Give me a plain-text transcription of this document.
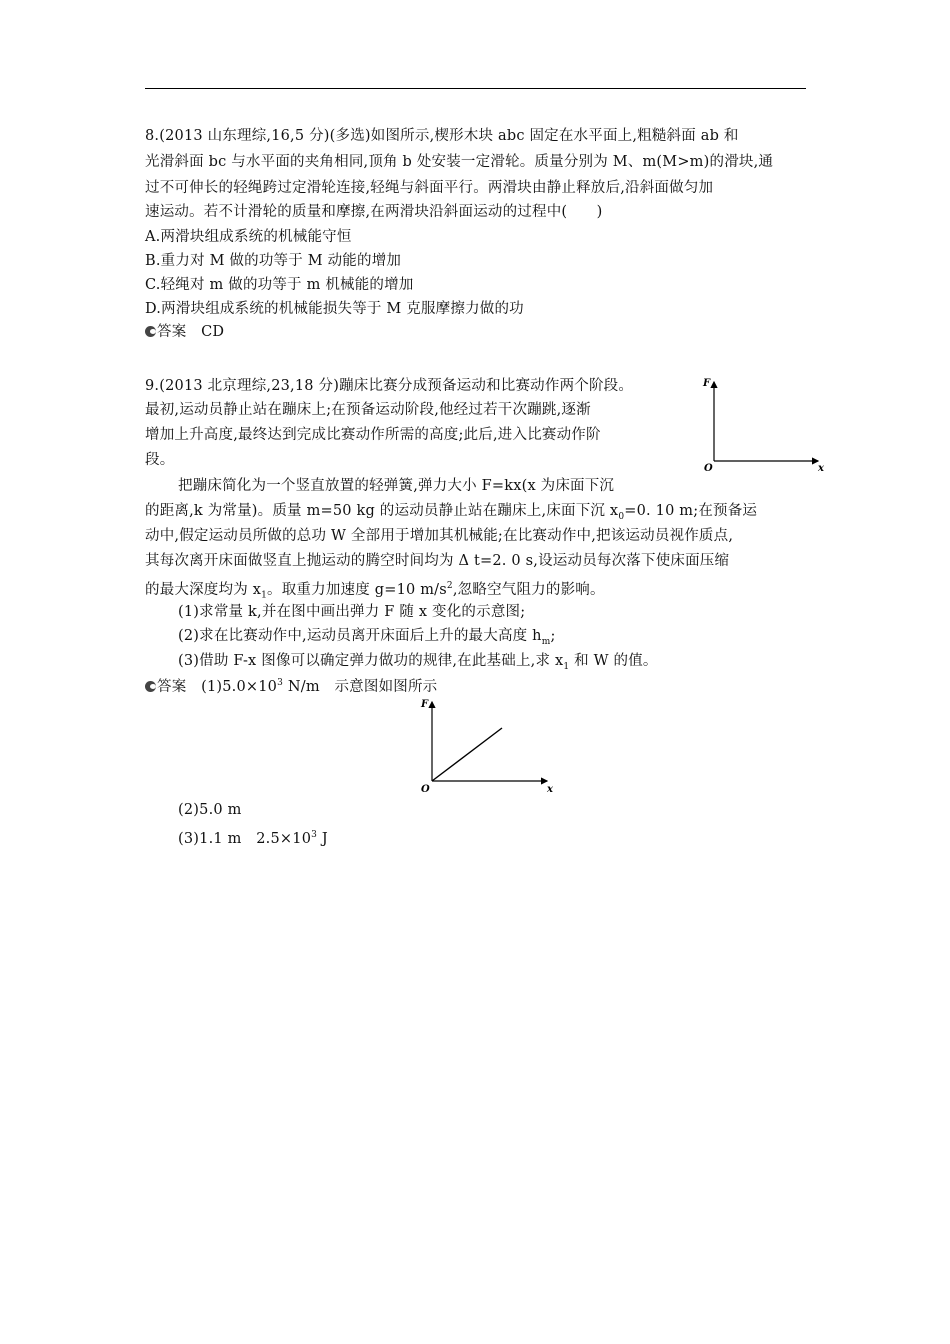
8.(2013 山东理综,16,5 分)(多选)如图所示,楔形木块 abc 固定在水平面上,粗糙斜面 ab 和
光滑斜面 bc 与水平面的夹角相同,顶角 b 处安装一定滑轮。质量分别为 M、m(M>m)的滑块,通
过不可伸长的轻绳跨过定滑轮连接,轻绳与斜面平行。两滑块由静止释放后,沿斜面做匀加
速运动。若不计滑轮的质量和摩擦,在两滑块沿斜面运动的过程中(　　)
A.两滑块组成系统的机械能守恒
B.重力对 M 做的功等于 M 动能的增加
C.轻绳对 m 做的功等于 m 机械能的增加
D.两滑块组成系统的机械能损失等于 M 克服摩擦力做的功
答案　 CD
9.(2013 北京理综,23,18 分)蹦床比赛分成预备运动和比赛动作两个阶段。
最初,运动员静止站在蹦床上;在预备运动阶段,他经过若干次蹦跳,逐渐
增加上升高度,最终达到完成比赛动作所需的高度;此后,进入比赛动作阶
段。
F
x
O
把蹦床简化为一个竖直放置的轻弹簧,弹力大小 F=kx(x 为床面下沉
的距离,k 为常量)。质量 m=50 kg 的运动员静止站在蹦床上,床面下沉 $x_0=0$. 10 m;在预备运
动中,假定运动员所做的总功 W 全部用于增加其机械能;在比赛动作中,把该运动员视作质点,
其每次离开床面做竖直上抛运动的腾空时间均为 Δ t=2. 0 s,设运动员每次落下使床面压缩
的最大深度均为 $x_1$。取重力加速度 g=10 $m/s^2$,忽略空气阻力的影响。
(1)求常量 k,并在图中画出弹力 F 随 x 变化的示意图;
(2)求在比赛动作中,运动员离开床面后上升的最大高度 $h_m$;
(3)借助 F-x 图像可以确定弹力做功的规律,在此基础上,求 $x_1$ 和 W 的值。
答案　 $(1)5.0\times 10^3$ N/m　示意图如图所示
F
x
O
(2)5.0 m
(3)1.1 m　$2.5\times 10^3$ J
